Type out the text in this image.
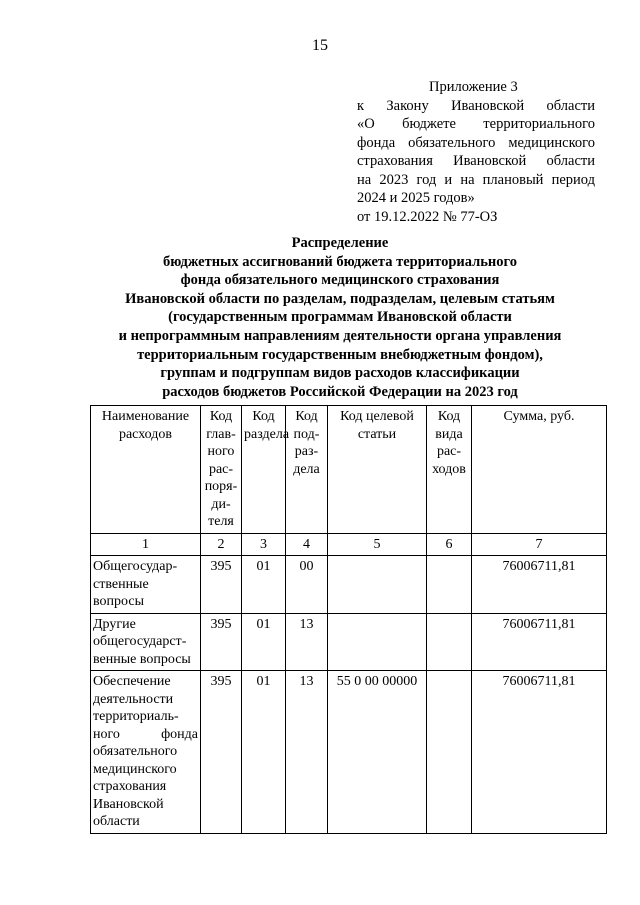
15
Приложение 3
к Закону Ивановской области
«О бюджете территориального
фонда обязательного медицинского
страхования Ивановской области
на 2023 год и на плановый период
2024 и 2025 годов»
от 19.12.2022 № 77-ОЗ
Распределение
бюджетных ассигнований бюджета территориального
фонда обязательного медицинского страхования
Ивановской области по разделам, подразделам, целевым статьям
(государственным программам Ивановской области
и непрограммным направлениям деятельности органа управления
территориальным государственным внебюджетным фондом),
группам и подгруппам видов расходов классификации
расходов бюджетов Российской Федерации на 2023 год
Наименование расходов	Код главного распорядителя	Код раздела	Код подраздела	Код целевой статьи	Код вида расходов	Сумма, руб.
1	2	3	4	5	6	7
Общегосударственные вопросы	395	01	00			76006711,81
Другие общегосударственные вопросы	395	01	13			76006711,81
Обеспечение деятельности территориального фонда обязательного медицинского страхования Ивановской области	395	01	13	55 0 00 00000		76006711,81
